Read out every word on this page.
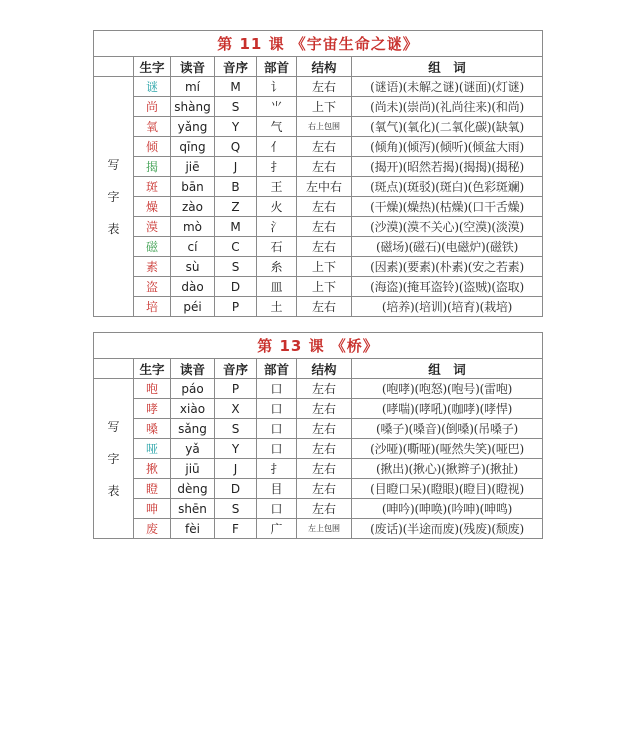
第 11 课 《宇宙生命之谜》						
	生字	读音	音序	部首	结构	组　词

写
字
表	谜	mí	M	讠	左右	(谜语)(未解之谜)(谜面)(灯谜)
	尚	shàng	S	⺌	上下	(尚未)(崇尚)(礼尚往来)(和尚)
	氧	yǎng	Y	气	右上包围	(氧气)(氧化)(二氧化碳)(缺氧)
	倾	qīng	Q	亻	左右	(倾角)(倾泻)(倾听)(倾盆大雨)
	揭	jiē	J	扌	左右	(揭开)(昭然若揭)(揭揭)(揭秘)
	斑	bān	B	王	左中右	(斑点)(斑驳)(斑白)(色彩斑斓)
	燥	zào	Z	火	左右	(干燥)(燥热)(枯燥)(口干舌燥)
	漠	mò	M	氵	左右	(沙漠)(漠不关心)(空漠)(淡漠)
	磁	cí	C	石	左右	(磁场)(磁石)(电磁炉)(磁铁)
	素	sù	S	糸	上下	(因素)(要素)(朴素)(安之若素)
	盗	dào	D	皿	上下	(海盗)(掩耳盗铃)(盗贼)(盗取)
	培	péi	P	土	左右	(培养)(培训)(培育)(栽培)
第 13 课 《桥》						
	生字	读音	音序	部首	结构	组　词

写
字
表	咆	páo	P	口	左右	(咆哮)(咆怒)(咆号)(雷咆)
	哮	xiào	X	口	左右	(哮喘)(哮吼)(咖哮)(哮悍)
	嗓	sǎng	S	口	左右	(嗓子)(嗓音)(倒嗓)(吊嗓子)
	哑	yǎ	Y	口	左右	(沙哑)(嘶哑)(哑然失笑)(哑巴)
	揪	jiū	J	扌	左右	(揪出)(揪心)(揪辫子)(揪扯)
	瞪	dèng	D	目	左右	(目瞪口呆)(瞪眼)(瞪目)(瞪视)
	呻	shēn	S	口	左右	(呻吟)(呻唤)(吟呻)(呻鸣)
	废	fèi	F	广	左上包围	(废话)(半途而废)(残废)(颓废)
